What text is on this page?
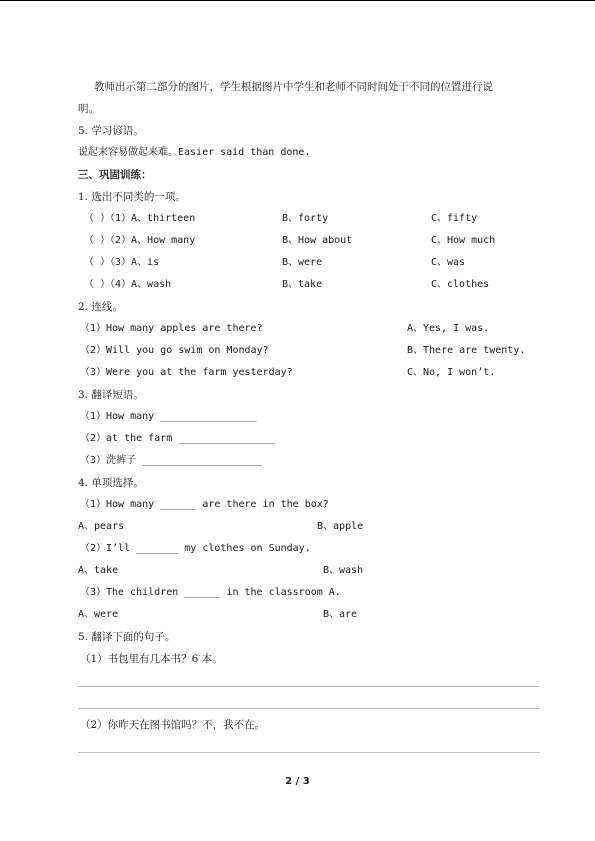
教师出示第二部分的图片，学生根据图片中学生和老师不同时间处于不同的位置进行说
明。
5. 学习谚语。
说起来容易做起来难。Easier said than done.
三、巩固训练：
1. 选出不同类的一项。
（ ）（1）A、thirteen	B、forty	C、fifty
（ ）（2）A、How many	B、How about	C、How much
（ ）（3）A、is	B、were	C、was
（ ）（4）A、wash	B、take	C、clothes
2. 连线。
（1）How many apples are there?	A、Yes, I was.
（2）Will you go swim on Monday?	B、There are twenty.
（3）Were you at the farm yesterday?	C、No, I won’t.
3. 翻译短语。
（1）How many ________________
（2）at the farm ________________
（3）洗裤子 ____________________
4. 单项选择。
（1）How many ______ are there in the box?
A、pears	B、apple
（2）I’ll _______ my clothes on Sunday.
A、take	B、wash
（3）The children ______ in the classroom A.
A、were	B、are
5. 翻译下面的句子。
（1）书包里有几本书？6 本。
（2）你昨天在图书馆吗？不，我不在。
2 / 3
